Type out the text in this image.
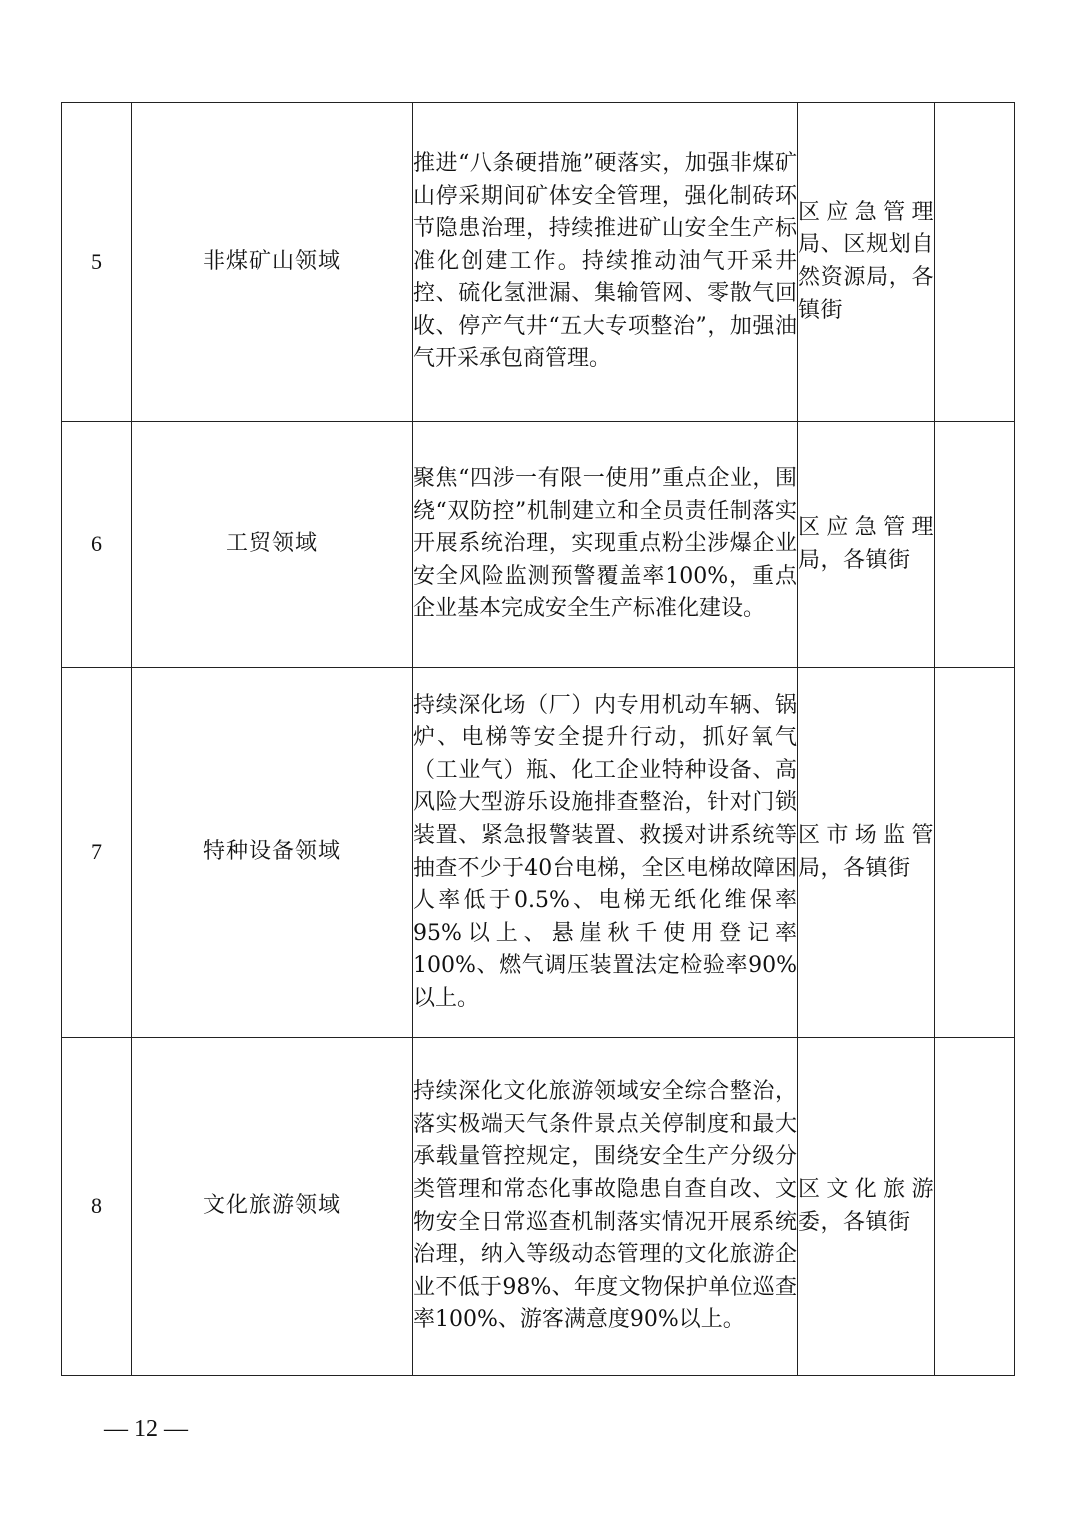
5	非煤矿山领域	推进“八条硬措施”硬落实，加强非煤矿山停采期间矿体安全管理，强化制砖环节隐患治理，持续推进矿山安全生产标准化创建工作。持续推动油气开采井控、硫化氢泄漏、集输管网、零散气回收、停产气井“五大专项整治”，加强油气开采承包商管理。	区应急管理局、区规划自然资源局，各镇街	

6	工贸领域	聚焦“四涉一有限一使用”重点企业，围绕“双防控”机制建立和全员责任制落实开展系统治理，实现重点粉尘涉爆企业安全风险监测预警覆盖率100%，重点企业基本完成安全生产标准化建设。	区应急管理局，各镇街	

7	特种设备领域	持续深化场（厂）内专用机动车辆、锅炉、电梯等安全提升行动，抓好氧气（工业气）瓶、化工企业特种设备、高风险大型游乐设施排查整治，针对门锁装置、紧急报警装置、救援对讲系统等抽查不少于40台电梯，全区电梯故障困人率低于0.5%、电梯无纸化维保率95%以上、悬崖秋千使用登记率100%、燃气调压装置法定检验率90%以上。	区市场监管局，各镇街	

8	文化旅游领域	持续深化文化旅游领域安全综合整治，落实极端天气条件景点关停制度和最大承载量管控规定，围绕安全生产分级分类管理和常态化事故隐患自查自改、文物安全日常巡查机制落实情况开展系统治理，纳入等级动态管理的文化旅游企业不低于98%、年度文物保护单位巡查率100%、游客满意度90%以上。	区文化旅游委，各镇街	

— 12 —
